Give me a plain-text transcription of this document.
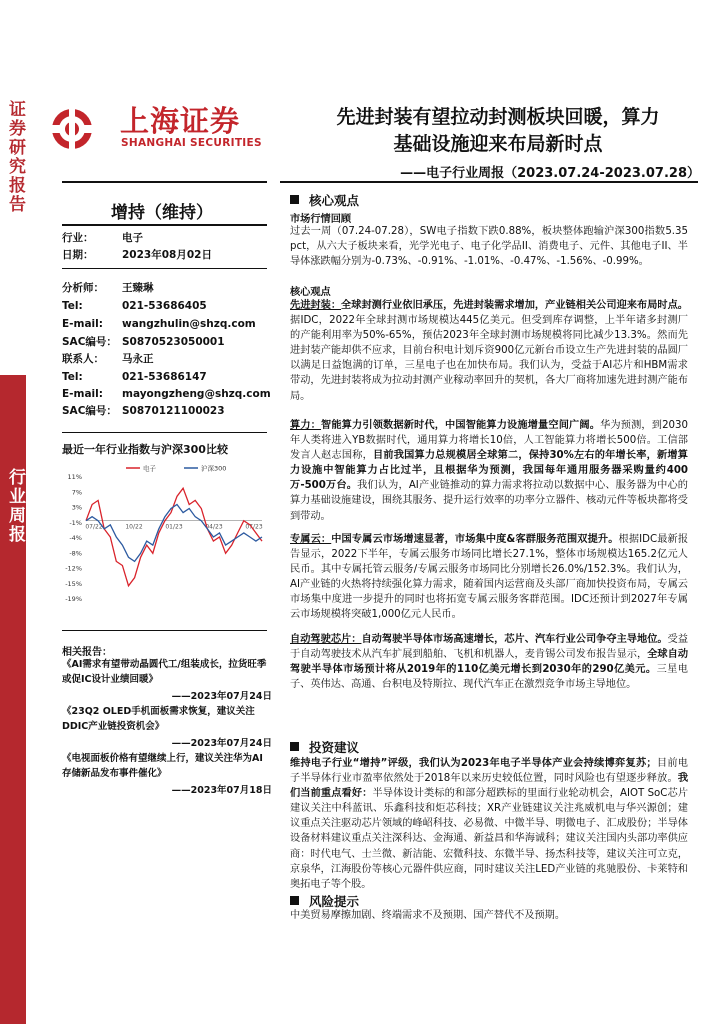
证券研究报告
行业周报
上海证券
SHANGHAI SECURITIES
先进封装有望拉动封测板块回暖，算力
基础设施迎来布局新时点
——电子行业周报（2023.07.24-2023.07.28）
增持（维持）
行业：	电子
日期：	2023年08月02日
分析师： 王臻琳
Tel:	021-53686405
E-mail: wangzhulin@shzq.com
SAC编号： S0870523050001
联系人： 马永正
Tel:	021-53686147
E-mail: mayongzheng@shzq.com
SAC编号： S0870121100023
最近一年行业指数与沪深300比较
11%
7%
3%
-1%
-4%
-8%
-12%
-15%
-19%
07/22	10/22	01/23	04/23	07/23
电子	沪深300
相关报告：
《AI需求有望带动晶圆代工/组装成长，拉货旺季或促IC设计业绩回暖》
——2023年07月24日
《23Q2 OLED手机面板需求恢复，建议关注DDIC产业链投资机会》
——2023年07月24日
《电视面板价格有望继续上行，建议关注华为AI存储新品发布事件催化》
——2023年07月18日
核心观点
市场行情回顾
过去一周（07.24-07.28），SW电子指数下跌0.88%，板块整体跑输沪深300指数5.35 pct，从六大子板块来看，光学光电子、电子化学品II、消费电子、元件、其他电子II、半导体涨跌幅分别为-0.73%、-0.91%、-1.01%、-0.47%、-1.56%、-0.99%。
核心观点
先进封装：全球封测行业依旧承压，先进封装需求增加，产业链相关公司迎来布局时点。据IDC，2022年全球封测市场规模达445亿美元。但受到库存调整，上半年诸多封测厂的产能利用率为50%-65%，预估2023年全球封测市场规模将同比减少13.3%。然而先进封装产能却供不应求，目前台积电计划斥资900亿元新台币设立生产先进封装的晶圆厂以满足日益饱满的订单，三星电子也在加快布局。我们认为，受益于AI芯片和HBM需求带动，先进封装将成为拉动封测产业稼动率回升的契机，各大厂商将加速先进封测产能布局。
算力：智能算力引领数据新时代，中国智能算力设施增量空间广阔。华为预测，到2030年人类将进入YB数据时代，通用算力将增长10倍，人工智能算力将增长500倍。工信部发言人赵志国称，目前我国算力总规模居全球第二，保持30%左右的年增长率，新增算力设施中智能算力占比过半，且根据华为预测，我国每年通用服务器采购量约400万-500万台。我们认为，AI产业链推动的算力需求将拉动以数据中心、服务器为中心的算力基础设施建设，围绕其服务、提升运行效率的功率分立器件、核动元件等板块都将受到带动。
专属云：中国专属云市场增速显著，市场集中度&客群服务范围双提升。根据IDC最新报告显示，2022下半年，专属云服务市场同比增长27.1%，整体市场规模达165.2亿元人民币。其中专属托管云服务/专属云服务市场同比分别增长26.0%/152.3%。我们认为，AI产业链的火热将持续强化算力需求，随着国内运营商及头部厂商加快投资布局，专属云市场集中度进一步提升的同时也将拓宽专属云服务客群范围。IDC还预计到2027年专属云市场规模将突破1,000亿元人民币。
自动驾驶芯片：自动驾驶半导体市场高速增长，芯片、汽车行业公司争夺主导地位。受益于自动驾驶技术从汽车扩展到船舶、飞机和机器人，麦肯锡公司发布报告显示，全球自动驾驶半导体市场预计将从2019年的110亿美元增长到2030年的290亿美元。三星电子、英伟达、高通、台积电及特斯拉、现代汽车正在激烈竞争市场主导地位。
投资建议
维持电子行业“增持”评级，我们认为2023年电子半导体产业会持续博弈复苏；目前电子半导体行业市盈率依然处于2018年以来历史较低位置，同时风险也有望逐步释放。我们当前重点看好：半导体设计类标的和部分超跌标的里面行业轮动机会，AIOT SoC芯片建议关注中科蓝讯、乐鑫科技和炬芯科技；XR产业链建议关注兆威机电与华兴源创；建议重点关注驱动芯片领域的峰岹科技、必易微、中微半导、明微电子、汇成股份；半导体设备材料建议重点关注深科达、金海通、新益昌和华海诚科；建议关注国内头部功率供应商：时代电气、士兰微、新洁能、宏微科技、东微半导、扬杰科技等，建议关注可立克，京泉华，江海股份等核心元器件供应商，同时建议关注LED产业链的兆驰股份、卡莱特和奥拓电子等个股。
风险提示
中美贸易摩擦加剧、终端需求不及预期、国产替代不及预期。
